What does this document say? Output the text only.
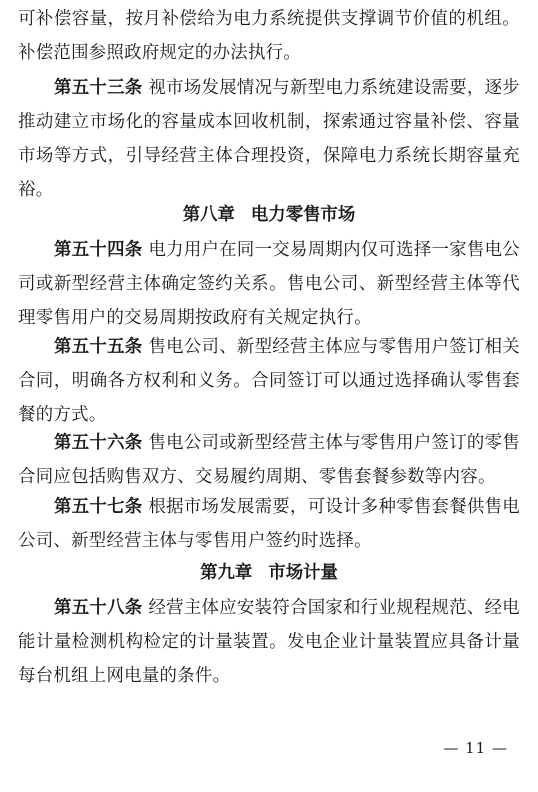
可补偿容量，按月补偿给为电力系统提供支撑调节价值的机组。补偿范围参照政府规定的办法执行。

第五十三条 视市场发展情况与新型电力系统建设需要，逐步推动建立市场化的容量成本回收机制，探索通过容量补偿、容量市场等方式，引导经营主体合理投资，保障电力系统长期容量充裕。

第八章 电力零售市场

第五十四条 电力用户在同一交易周期内仅可选择一家售电公司或新型经营主体确定签约关系。售电公司、新型经营主体等代理零售用户的交易周期按政府有关规定执行。

第五十五条 售电公司、新型经营主体应与零售用户签订相关合同，明确各方权利和义务。合同签订可以通过选择确认零售套餐的方式。

第五十六条 售电公司或新型经营主体与零售用户签订的零售合同应包括购售双方、交易履约周期、零售套餐参数等内容。

第五十七条 根据市场发展需要，可设计多种零售套餐供售电公司、新型经营主体与零售用户签约时选择。

第九章 市场计量

第五十八条 经营主体应安装符合国家和行业规程规范、经电能计量检测机构检定的计量装置。发电企业计量装置应具备计量每台机组上网电量的条件。

— 11 —
